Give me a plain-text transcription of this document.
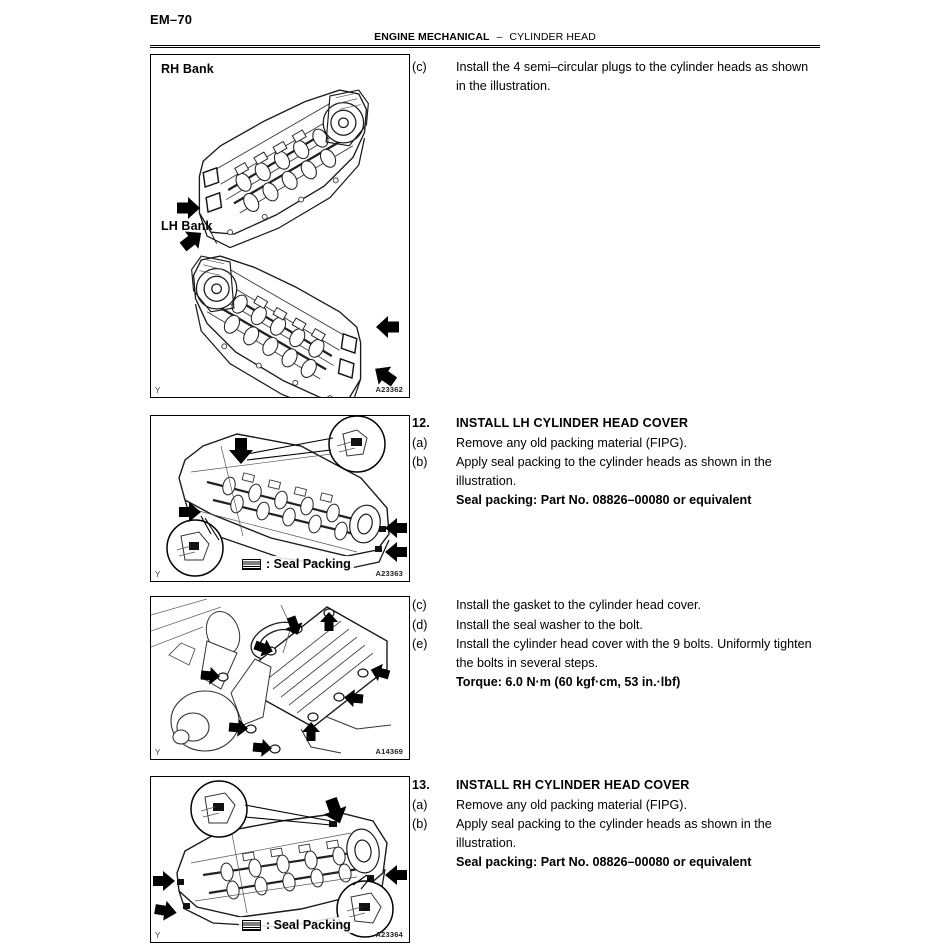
EM–70
ENGINE MECHANICAL – CYLINDER HEAD
RH Bank
LH Bank
Y	A23362
: Seal Packing
Y	A23363
Y	A14369
: Seal Packing
Y	A23364
(c)	Install the 4 semi–circular plugs to the cylinder heads as shown in the illustration.
12.	INSTALL LH CYLINDER HEAD COVER
(a)	Remove any old packing material (FIPG).
(b)	Apply seal packing to the cylinder heads as shown in the illustration.
Seal packing: Part No. 08826–00080 or equivalent
(c)	Install the gasket to the cylinder head cover.
(d)	Install the seal washer to the bolt.
(e)	Install the cylinder head cover with the 9 bolts. Uniformly tighten the bolts in several steps.
Torque: 6.0 N·m (60 kgf·cm, 53 in.·lbf)
13.	INSTALL RH CYLINDER HEAD COVER
(a)	Remove any old packing material (FIPG).
(b)	Apply seal packing to the cylinder heads as shown in the illustration.
Seal packing: Part No. 08826–00080 or equivalent
